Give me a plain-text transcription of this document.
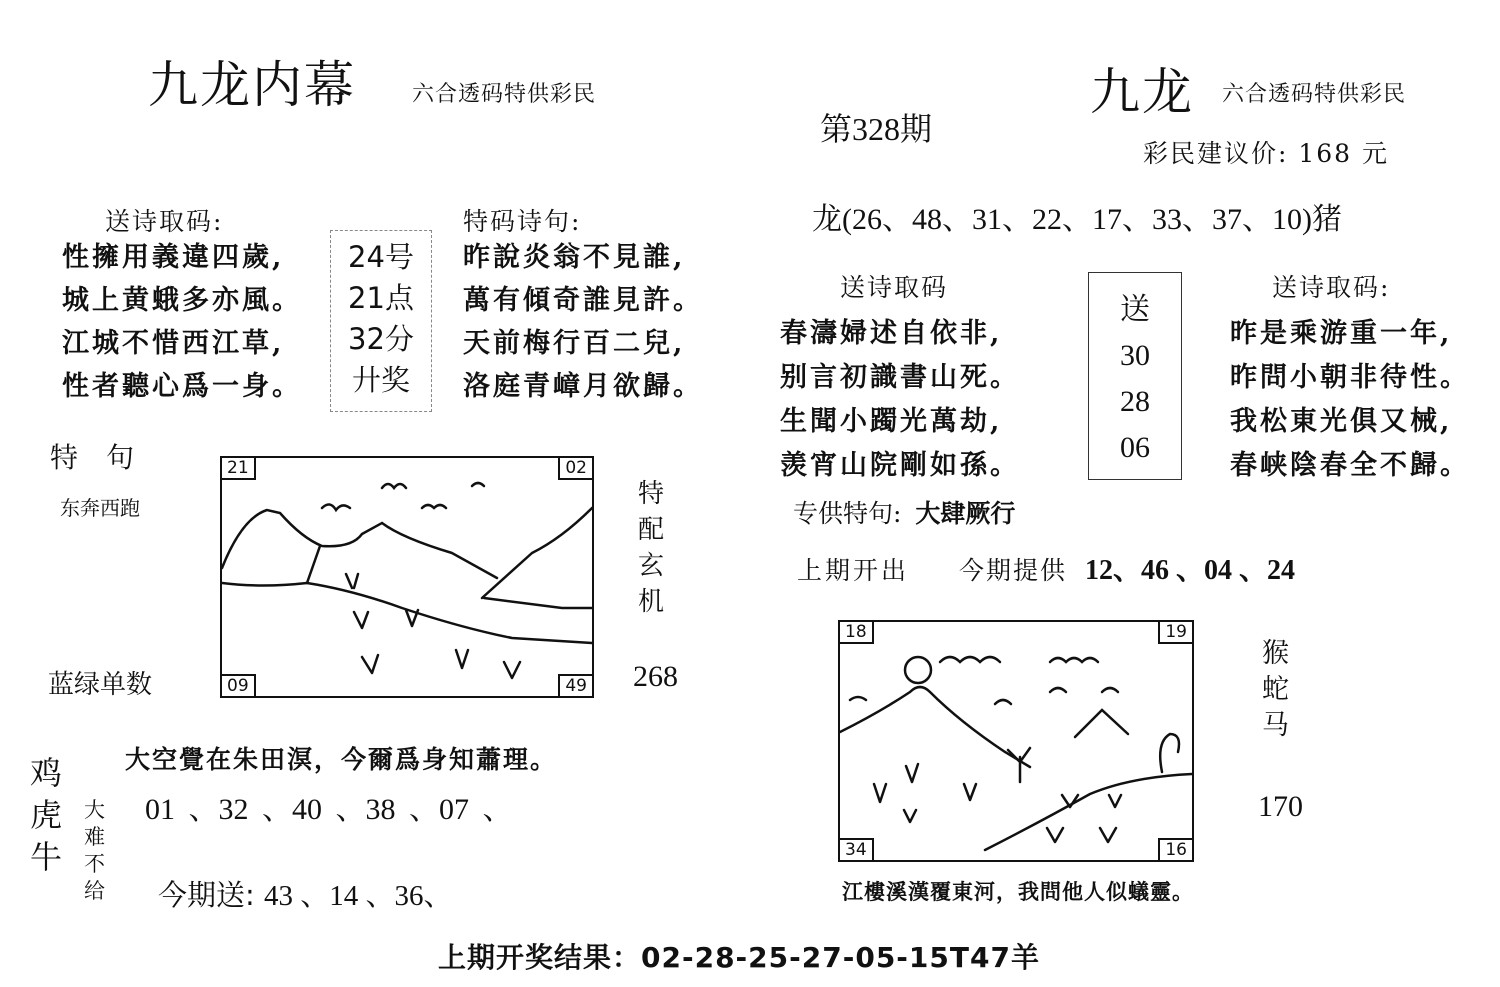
九龙内幕	六合透码特供彩民
送诗取码:
性擁用義違四歲,
城上黄蛾多亦風。
江城不惜西江草,
性者聽心爲一身。
24号
21点
32分
廾奖
特码诗句:
昨說炎翁不見誰,
萬有傾奇誰見許。
天前梅行百二兒,
洛庭青嶂月欲歸。
特　句
东奔西跑
蓝绿单数
21	02
09	49
特
配
玄
机
268
大空覺在朱田溟，今爾爲身知蕭理。
鸡
虎
牛
大
难
不
给
01 、32 、40 、38 、07 、
今期送: 43 、14 、36、
第328期
九龙 六合透码特供彩民
彩民建议价: 168 元
龙(26、48、31、22、17、33、37、10)猪
送诗取码
春濤婦述自依非,
别言初識書山死。
生聞小躅光萬劫,
羡宵山院剛如孫。
送
30
28
06
送诗取码:
昨是乘游重一年,
昨問小朝非待性。
我松東光俱又械,
春峡陰春全不歸。
专供特句: 大肆厥行
上期开出 今期提供 12、46 、04 、24
18	19
34	16
猴
蛇
马
170
江樓溪漢覆東河，我問他人似蟻靈。
上期开奖结果：02-28-25-27-05-15T47羊
